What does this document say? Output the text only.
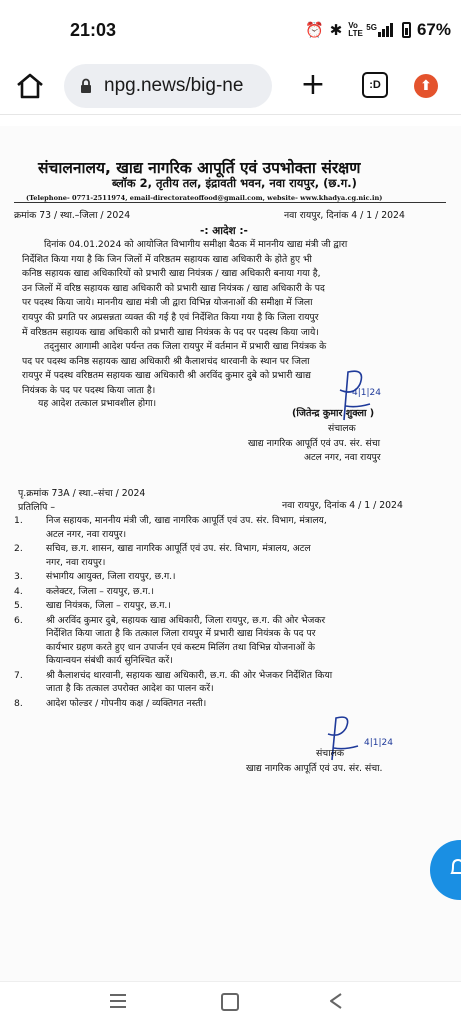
21:03	⏰ ✱ Vo LTE
5G 67%
npg.news/big-ne +	:D	⬆
संचालनालय, खाद्य नागरिक आपूर्ति एवं उपभोक्ता संरक्षण
ब्लॉक 2, तृतीय तल, इंद्रावती भवन, नवा रायपुर, (छ.ग.)
(Telephone- 0771-2511974, email-directorateoffood@gmail.com, website- www.khadya.cg.nic.in)
क्रमांक 73 / स्था.–जिला / 2024	नवा रायपुर, दिनांक 4 / 1 / 2024
-: आदेश :-
दिनांक 04.01.2024 को आयोजित विभागीय समीक्षा बैठक में माननीय खाद्य मंत्री जी द्वारा
निर्देशित किया गया है कि जिन जिलों में वरिष्ठतम सहायक खाद्य अधिकारी के होते हुए भी
कनिष्ठ सहायक खाद्य अधिकारियों को प्रभारी खाद्य नियंत्रक / खाद्य अधिकारी बनाया गया है,
उन जिलों में वरिष्ठ सहायक खाद्य अधिकारी को प्रभारी खाद्य नियंत्रक / खाद्य अधिकारी के पद
पर पदस्थ किया जाये। माननीय खाद्य मंत्री जी द्वारा विभिन्न योजनाओं की समीक्षा में जिला
रायपुर की प्रगति पर अप्रसन्नता व्यक्त की गई है एवं निर्देशित किया गया है कि जिला रायपुर
में वरिष्ठतम सहायक खाद्य अधिकारी को प्रभारी खाद्य नियंत्रक के पद पर पदस्थ किया जाये।
तद्नुसार आगामी आदेश पर्यन्त तक जिला रायपुर में वर्तमान में प्रभारी खाद्य नियंत्रक के
पद पर पदस्थ कनिष्ठ सहायक खाद्य अधिकारी श्री कैलाशचंद थारवानी के स्थान पर जिला
रायपुर में पदस्थ वरिष्ठतम सहायक खाद्य अधिकारी श्री अरविंद कुमार दुबे को प्रभारी खाद्य
नियंत्रक के पद पर पदस्थ किया जाता है।
यह आदेश तत्काल प्रभावशील होगा।
4|1|24
(जितेन्द्र कुमार शुक्ला )
संचालक
खाद्य नागरिक आपूर्ति एवं उप. संर. संचा
अटल नगर, नवा रायपुर
पृ.क्रमांक 73A / स्था.–संचा / 2024
नवा रायपुर, दिनांक 4 / 1 / 2024
प्रतिलिपि –
1.	निज सहायक, माननीय मंत्री जी, खाद्य नागरिक आपूर्ति एवं उप. संर. विभाग, मंत्रालय,
अटल नगर, नवा रायपुर।
2.	सचिव, छ.ग. शासन, खाद्य नागरिक आपूर्ति एवं उप. संर. विभाग, मंत्रालय, अटल
नगर, नवा रायपुर।
3.	संभागीय आयुक्त, जिला रायपुर, छ.ग.।
4.	कलेक्टर, जिला – रायपुर, छ.ग.।
5.	खाद्य नियंत्रक, जिला – रायपुर, छ.ग.।
6.	श्री अरविंद कुमार दुबे, सहायक खाद्य अधिकारी, जिला रायपुर, छ.ग. की ओर भेजकर
निर्देशित किया जाता है कि तत्काल जिला रायपुर में प्रभारी खाद्य नियंत्रक के पद पर
कार्यभार ग्रहण करते हुए धान उपार्जन एवं कस्टम मिलिंग तथा विभिन्न योजनाओं के
कियान्वयन संबंधी कार्य सुनिश्चित करें।
7.	श्री कैलाशचंद थारवानी, सहायक खाद्य अधिकारी, छ.ग. की ओर भेजकर निर्देशित किया
जाता है कि तत्काल उपरोक्त आदेश का पालन करें।
8.	आदेश फोल्डर / गोपनीय कक्ष / व्यक्तिगत नस्ती।
4|1|24
संचालक
खाद्य नागरिक आपूर्ति एवं उप. संर. संचा.
